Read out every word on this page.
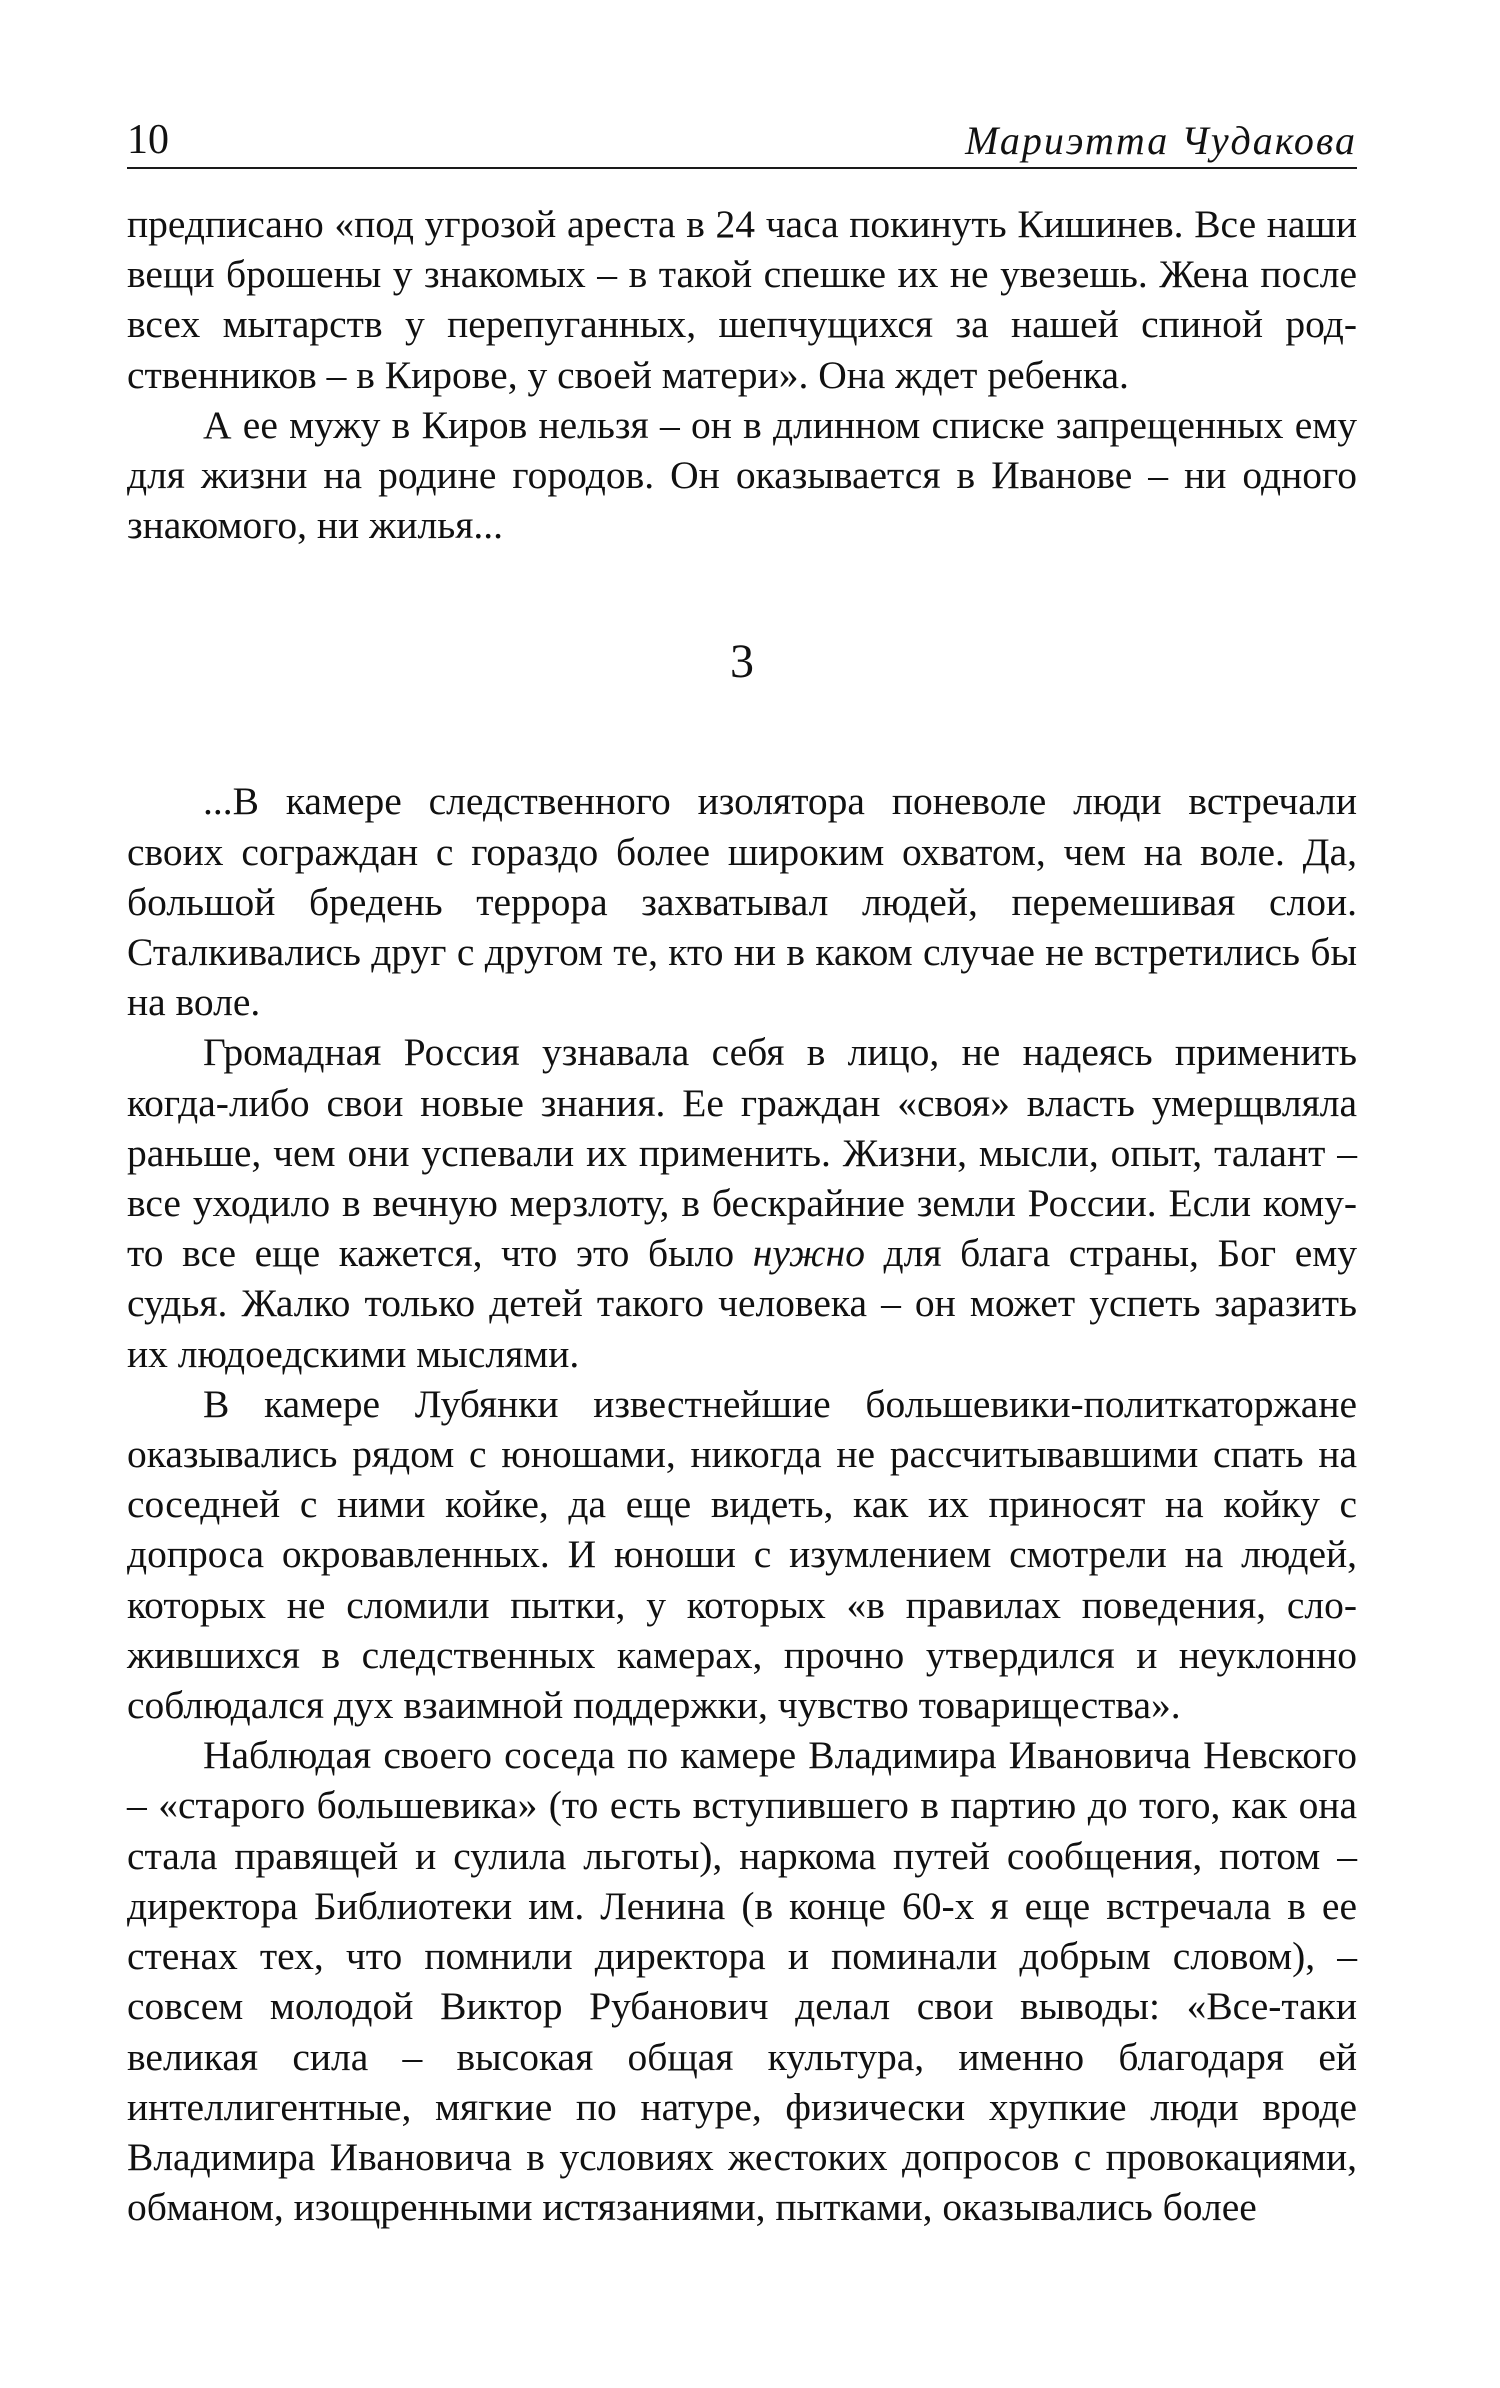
10	Мариэтта Чудакова

предписано «под угрозой ареста в 24 часа покинуть Кишинев. Все наши вещи брошены у знакомых – в такой спешке их не увезешь. Жена после всех мытарств у перепуганных, шепчущихся за нашей спиной родственников – в Кирове, у своей матери». Она ждет ребенка.

А ее мужу в Киров нельзя – он в длинном списке запрещенных ему для жизни на родине городов. Он оказывается в Иванове – ни одного знакомого, ни жилья...

3

...В камере следственного изолятора поневоле люди встречали своих сограждан с гораздо более широким охватом, чем на воле. Да, большой бредень террора захватывал людей, перемешивая слои. Сталкивались друг с другом те, кто ни в каком случае не встретились бы на воле.

Громадная Россия узнавала себя в лицо, не надеясь применить когда-либо свои новые знания. Ее граждан «своя» власть умерщвляла раньше, чем они успевали их применить. Жизни, мысли, опыт, талант – все уходило в вечную мерзлоту, в бескрайние земли России. Если кому-то все еще кажется, что это было нужно для блага страны, Бог ему судья. Жалко только детей такого человека – он может успеть заразить их людоедскими мыслями.

В камере Лубянки известнейшие большевики-политкаторжане оказывались рядом с юношами, никогда не рассчитывавшими спать на соседней с ними койке, да еще видеть, как их приносят на койку с допроса окровавленных. И юноши с изумлением смотрели на людей, которых не сломили пытки, у которых «в правилах поведения, сложившихся в следственных камерах, прочно утвердился и неуклонно соблюдался дух взаимной поддержки, чувство товарищества».

Наблюдая своего соседа по камере Владимира Ивановича Невского – «старого большевика» (то есть вступившего в партию до того, как она стала правящей и сулила льготы), наркома путей сообщения, потом – директора Библиотеки им. Ленина (в конце 60-х я еще встречала в ее стенах тех, что помнили директора и поминали добрым словом), – совсем молодой Виктор Рубанович делал свои выводы: «Все-таки великая сила – высокая общая культура, именно благодаря ей интеллигентные, мягкие по натуре, физически хрупкие люди вроде Владимира Ивановича в условиях жестоких допросов с провокациями, обманом, изощренными истязаниями, пытками, оказывались более
